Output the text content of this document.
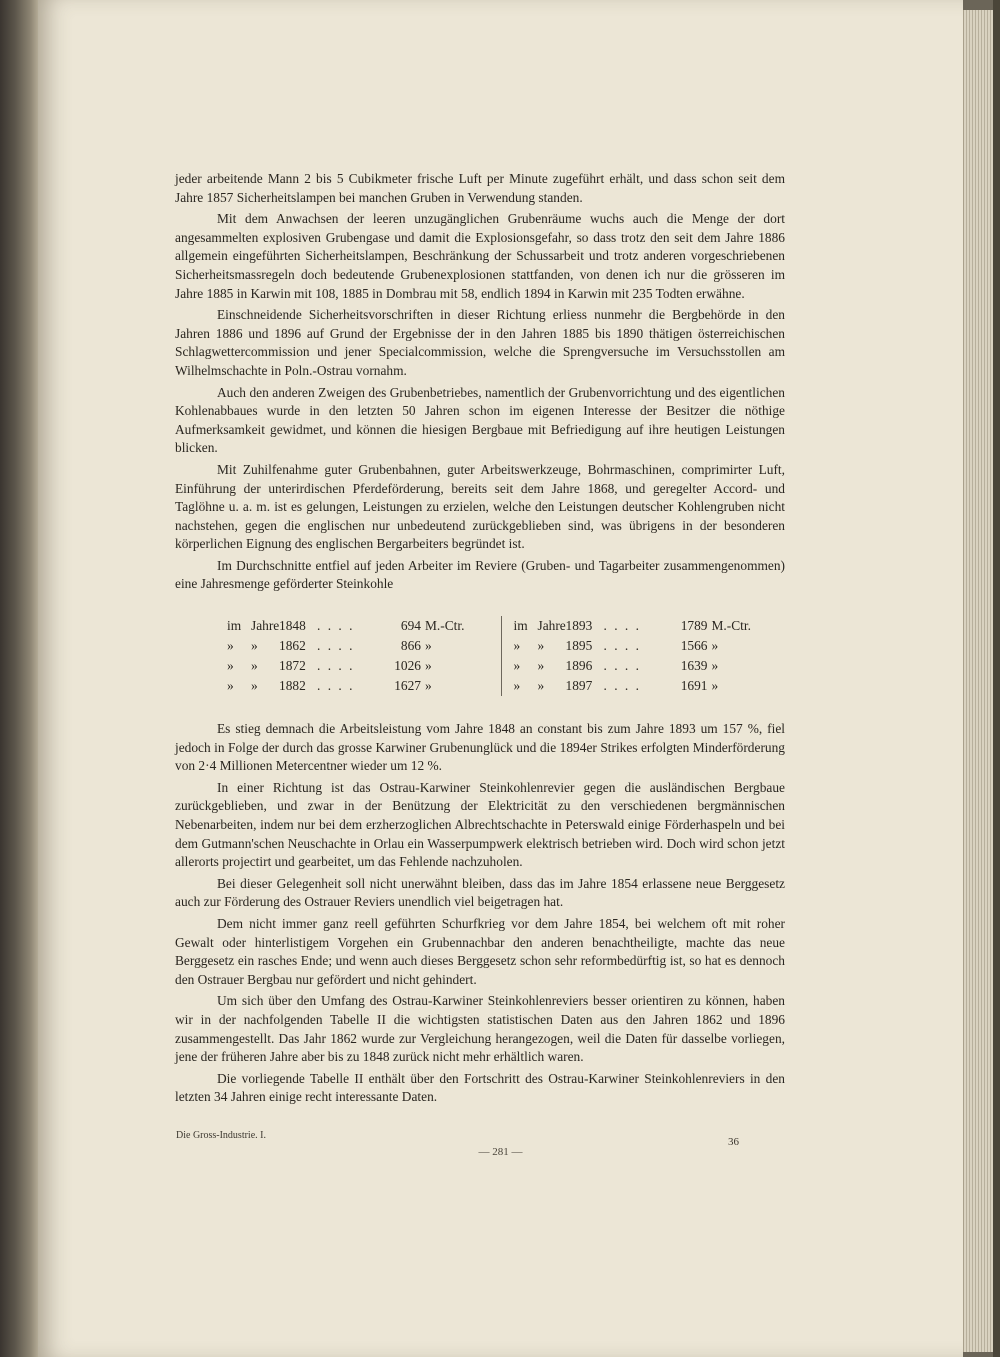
jeder arbeitende Mann 2 bis 5 Cubikmeter frische Luft per Minute zugeführt erhält, und dass schon seit dem Jahre 1857 Sicherheitslampen bei manchen Gruben in Verwendung standen.

Mit dem Anwachsen der leeren unzugänglichen Grubenräume wuchs auch die Menge der dort angesammelten explosiven Grubengase und damit die Explosionsgefahr, so dass trotz den seit dem Jahre 1886 allgemein eingeführten Sicherheitslampen, Beschränkung der Schussarbeit und trotz anderen vorgeschriebenen Sicherheitsmassregeln doch bedeutende Grubenexplosionen stattfanden, von denen ich nur die grösseren im Jahre 1885 in Karwin mit 108, 1885 in Dombrau mit 58, endlich 1894 in Karwin mit 235 Todten erwähne.

Einschneidende Sicherheitsvorschriften in dieser Richtung erliess nunmehr die Bergbehörde in den Jahren 1886 und 1896 auf Grund der Ergebnisse der in den Jahren 1885 bis 1890 thätigen österreichischen Schlagwettercommission und jener Specialcommission, welche die Sprengversuche im Versuchsstollen am Wilhelmschachte in Poln.-Ostrau vornahm.

Auch den anderen Zweigen des Grubenbetriebes, namentlich der Grubenvorrichtung und des eigentlichen Kohlenabbaues wurde in den letzten 50 Jahren schon im eigenen Interesse der Besitzer die nöthige Aufmerksamkeit gewidmet, und können die hiesigen Bergbaue mit Befriedigung auf ihre heutigen Leistungen blicken.

Mit Zuhilfenahme guter Grubenbahnen, guter Arbeitswerkzeuge, Bohrmaschinen, comprimirter Luft, Einführung der unterirdischen Pferdeförderung, bereits seit dem Jahre 1868, und geregelter Accord- und Taglöhne u. a. m. ist es gelungen, Leistungen zu erzielen, welche den Leistungen deutscher Kohlengruben nicht nachstehen, gegen die englischen nur unbedeutend zurückgeblieben sind, was übrigens in der besonderen körperlichen Eignung des englischen Bergarbeiters begründet ist.

Im Durchschnitte entfiel auf jeden Arbeiter im Reviere (Gruben- und Tagarbeiter zusammengenommen) eine Jahresmenge geförderter Steinkohle

im Jahre 1848 . . . .	694 M.-Ctr.
»	»	1862 . . . .	866 »
»	»	1872 . . . .	1026 »
»	»	1882 . . . .	1627 »
im Jahre 1893 . . . .	1789 M.-Ctr.
»	»	1895 . . . .	1566 »
»	»	1896 . . . .	1639 »
»	»	1897 . . . .	1691 »

Es stieg demnach die Arbeitsleistung vom Jahre 1848 an constant bis zum Jahre 1893 um 157 %, fiel jedoch in Folge der durch das grosse Karwiner Grubenunglück und die 1894er Strikes erfolgten Minderförderung von 2·4 Millionen Metercentner wieder um 12 %.

In einer Richtung ist das Ostrau-Karwiner Steinkohlenrevier gegen die ausländischen Bergbaue zurückgeblieben, und zwar in der Benützung der Elektricität zu den verschiedenen bergmännischen Nebenarbeiten, indem nur bei dem erzherzoglichen Albrechtschachte in Peterswald einige Förderhaspeln und bei dem Gutmann'schen Neuschachte in Orlau ein Wasserpumpwerk elektrisch betrieben wird. Doch wird schon jetzt allerorts projectirt und gearbeitet, um das Fehlende nachzuholen.

Bei dieser Gelegenheit soll nicht unerwähnt bleiben, dass das im Jahre 1854 erlassene neue Berggesetz auch zur Förderung des Ostrauer Reviers unendlich viel beigetragen hat.

Dem nicht immer ganz reell geführten Schurfkrieg vor dem Jahre 1854, bei welchem oft mit roher Gewalt oder hinterlistigem Vorgehen ein Grubennachbar den anderen benachtheiligte, machte das neue Berggesetz ein rasches Ende; und wenn auch dieses Berggesetz schon sehr reformbedürftig ist, so hat es dennoch den Ostrauer Bergbau nur gefördert und nicht gehindert.

Um sich über den Umfang des Ostrau-Karwiner Steinkohlenreviers besser orientiren zu können, haben wir in der nachfolgenden Tabelle II die wichtigsten statistischen Daten aus den Jahren 1862 und 1896 zusammengestellt. Das Jahr 1862 wurde zur Vergleichung herangezogen, weil die Daten für dasselbe vorliegen, jene der früheren Jahre aber bis zu 1848 zurück nicht mehr erhältlich waren.

Die vorliegende Tabelle II enthält über den Fortschritt des Ostrau-Karwiner Steinkohlenreviers in den letzten 34 Jahren einige recht interessante Daten.

Die Gross-Industrie. I.
36
— 281 —
